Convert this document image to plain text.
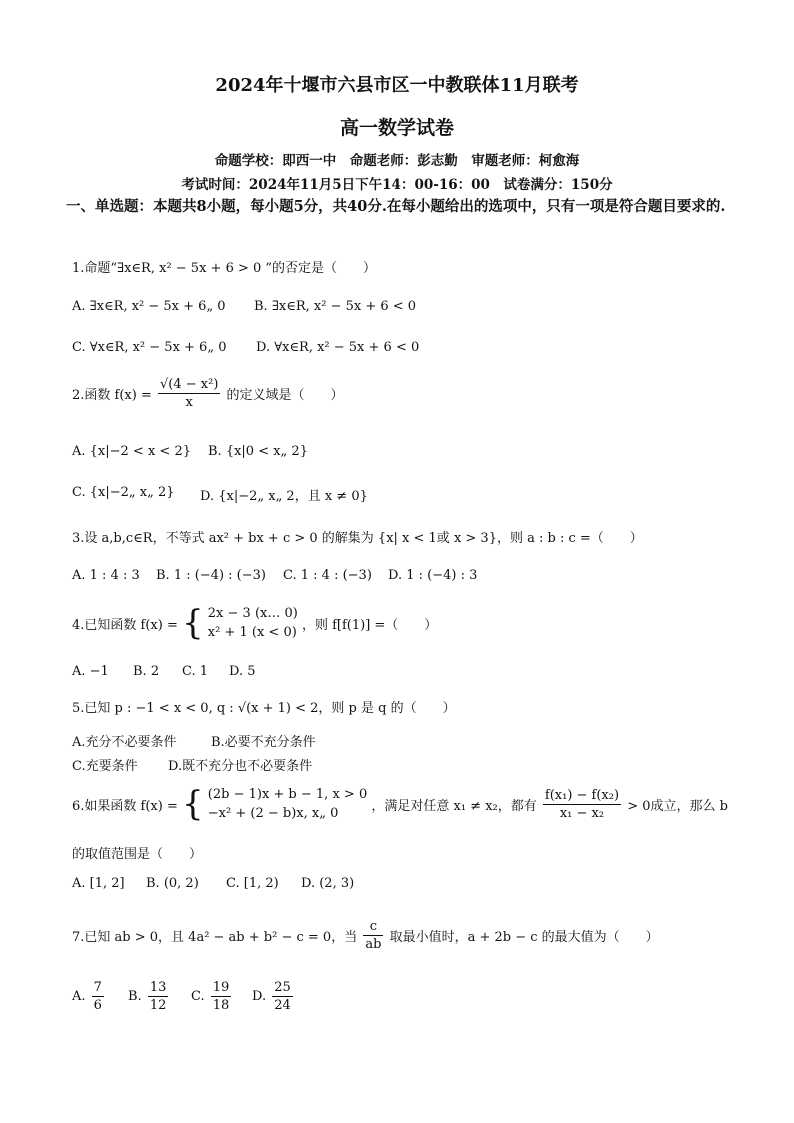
2024年十堰市六县市区一中教联体11月联考
高一数学试卷
命题学校：即西一中　命题老师：彭志勤　审题老师：柯愈海
考试时间：2024年11月5日下午14：00-16：00　试卷满分：150分
一、单选题：本题共8小题，每小题5分，共40分.在每小题给出的选项中，只有一项是符合题目要求的.
1.命题“∃x∈R, x² − 5x + 6 > 0 ”的否定是（　　）
A. ∃x∈R, x² − 5x + 6„ 0 B. ∃x∈R, x² − 5x + 6 < 0
C. ∀x∈R, x² − 5x + 6„ 0 D. ∀x∈R, x² − 5x + 6 < 0
2.函数 $f(x) = \frac{\text{√(4 − x²)}}{x}$ 的定义域是（　　）
A. {x|−2 < x < 2} B. {x|0 < x„ 2}
C. {x|−2„ x„ 2} D. {x|−2„ x„ 2，且 x ≠ 0}
3.设 a,b,c∈R，不等式 ax² + bx + c > 0 的解集为 {x| x < 1或 x > 3}，则 a : b : c =（　　）
A. 1 : 4 : 3 B. 1 : (−4) : (−3) C. 1 : 4 : (−3) D. 1 : (−4) : 3
4.已知函数 f(x) = { 2x − 3 (x… 0)
x² + 1 (x < 0) ，则 f[f(1)] =（　　）
A. −1 B. 2 C. 1 D. 5
5.已知 p : −1 < x < 0, q : √(x + 1) < 2，则 p 是 q 的（　　）
A.充分不必要条件	B.必要不充分条件
C.充要条件 D.既不充分也不必要条件
6.如果函数 f(x) = { (2b − 1)x + b − 1, x > 0
−x² + (2 − b)x, x„ 0	，满足对任意 x₁ ≠ x₂，都有 $\frac{\text{f(x₁) − f(x₂)}}{\text{x₁ − x₂}} > 0$成立，那么 b
的取值范围是（　　）
A. [1, 2] B. (0, 2) C. [1, 2) D. (2, 3)
7.已知 ab > 0，且 4a² − ab + b² − c = 0，当 $\frac{c}{ab}$ 取最小值时，a + 2b − c 的最大值为（　　）
A. $\frac{7}{6} B$. $\frac{13}{12} C$. $\frac{19}{18} D$. $\frac{25}{24}$
